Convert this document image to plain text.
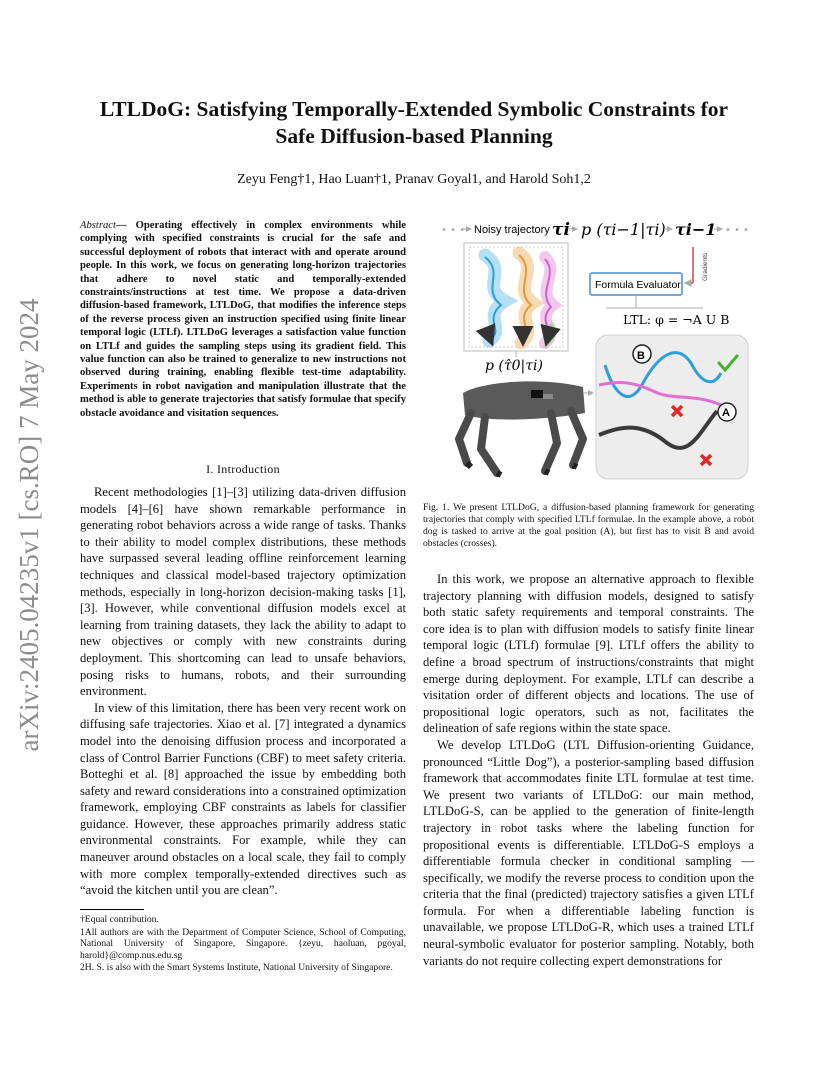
arXiv:2405.04235v1 [cs.RO] 7 May 2024
LTLDoG: Satisfying Temporally-Extended Symbolic Constraints for
Safe Diffusion-based Planning
Zeyu Feng†1, Hao Luan†1, Pranav Goyal1, and Harold Soh1,2
Abstract— Operating effectively in complex environments while complying with specified constraints is crucial for the safe and successful deployment of robots that interact with and operate around people. In this work, we focus on generating long-horizon trajectories that adhere to novel static and temporally-extended constraints/instructions at test time. We propose a data-driven diffusion-based framework, LTLDoG, that modifies the inference steps of the reverse process given an instruction specified using finite linear temporal logic (LTLf). LTLDoG leverages a satisfaction value function on LTLf and guides the sampling steps using its gradient field. This value function can also be trained to generalize to new instructions not observed during training, enabling flexible test-time adaptability. Experiments in robot navigation and manipulation illustrate that the method is able to generate trajectories that satisfy formulae that specify obstacle avoidance and visitation sequences.
I. Introduction

Recent methodologies [1]–[3] utilizing data-driven diffusion models [4]–[6] have shown remarkable performance in generating robot behaviors across a wide range of tasks. Thanks to their ability to model complex distributions, these methods have surpassed several leading offline reinforcement learning techniques and classical model-based trajectory optimization methods, especially in long-horizon decision-making tasks [1], [3]. However, while conventional diffusion models excel at learning from training datasets, they lack the ability to adapt to new objectives or comply with new constraints during deployment. This shortcoming can lead to unsafe behaviors, posing risks to humans, robots, and their surrounding environment.

In view of this limitation, there has been very recent work on diffusing safe trajectories. Xiao et al. [7] integrated a dynamics model into the denoising diffusion process and incorporated a class of Control Barrier Functions (CBF) to meet safety criteria. Botteghi et al. [8] approached the issue by embedding both safety and reward considerations into a constrained optimization framework, employing CBF constraints as labels for classifier guidance. However, these approaches primarily address static environmental constraints. For example, while they can maneuver around obstacles on a local scale, they fail to comply with more complex temporally-extended directives such as “avoid the kitchen until you are clean”.

†Equal contribution.

1All authors are with the Department of Computer Science, School of Computing, National University of Singapore, Singapore. {zeyu, haoluan, pgoyal, harold}@comp.nus.edu.sg

2H. S. is also with the Smart Systems Institute, National University of Singapore.

• • • Noisy trajectory τi p (τi−1|τi) τi−1 • • •
p (τ̂0|τi)
Formula Evaluator
Gradients
LTL: φ = ¬A U B
B
A
Fig. 1. We present LTLDoG, a diffusion-based planning framework for generating trajectories that comply with specified LTLf formulae. In the example above, a robot dog is tasked to arrive at the goal position (A), but first has to visit B and avoid obstacles (crosses).

In this work, we propose an alternative approach to flexible trajectory planning with diffusion models, designed to satisfy both static safety requirements and temporal constraints. The core idea is to plan with diffusion models to satisfy finite linear temporal logic (LTLf) formulae [9]. LTLf offers the ability to define a broad spectrum of instructions/constraints that might emerge during deployment. For example, LTLf can describe a visitation order of different objects and locations. The use of propositional logic operators, such as not, facilitates the delineation of safe regions within the state space.

We develop LTLDoG (LTL Diffusion-orienting Guidance, pronounced “Little Dog”), a posterior-sampling based diffusion framework that accommodates finite LTL formulae at test time. We present two variants of LTLDoG: our main method, LTLDoG-S, can be applied to the generation of finite-length trajectory in robot tasks where the labeling function for propositional events is differentiable. LTLDoG-S employs a differentiable formula checker in conditional sampling — specifically, we modify the reverse process to condition upon the criteria that the final (predicted) trajectory satisfies a given LTLf formula. For when a differentiable labeling function is unavailable, we propose LTLDoG-R, which uses a trained LTLf neural-symbolic evaluator for posterior sampling. Notably, both variants do not require collecting expert demonstrations for
